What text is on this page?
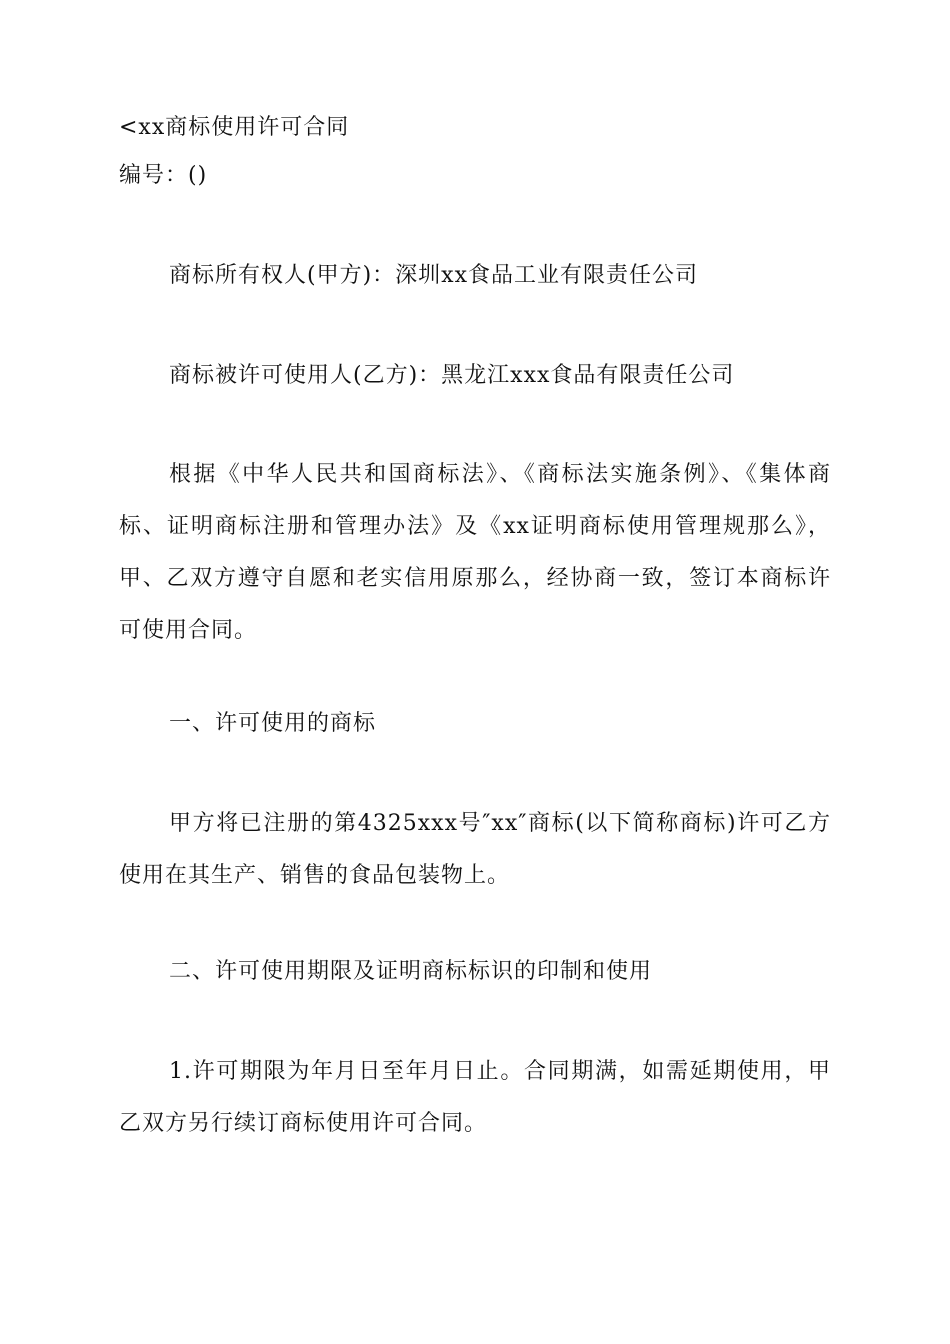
<xx商标使用许可合同
编号：()
商标所有权人(甲方)：深圳xx食品工业有限责任公司
商标被许可使用人(乙方)：黑龙江xxx食品有限责任公司
根据《中华人民共和国商标法》、《商标法实施条例》、《集体商标、证明商标注册和管理办法》及《xx证明商标使用管理规那么》，甲、乙双方遵守自愿和老实信用原那么，经协商一致，签订本商标许可使用合同。
一、许可使用的商标
甲方将已注册的第4325xxx号″xx″商标(以下简称商标)许可乙方使用在其生产、销售的食品包装物上。
二、许可使用期限及证明商标标识的印制和使用
1.许可期限为年月日至年月日止。合同期满，如需延期使用，甲乙双方另行续订商标使用许可合同。
